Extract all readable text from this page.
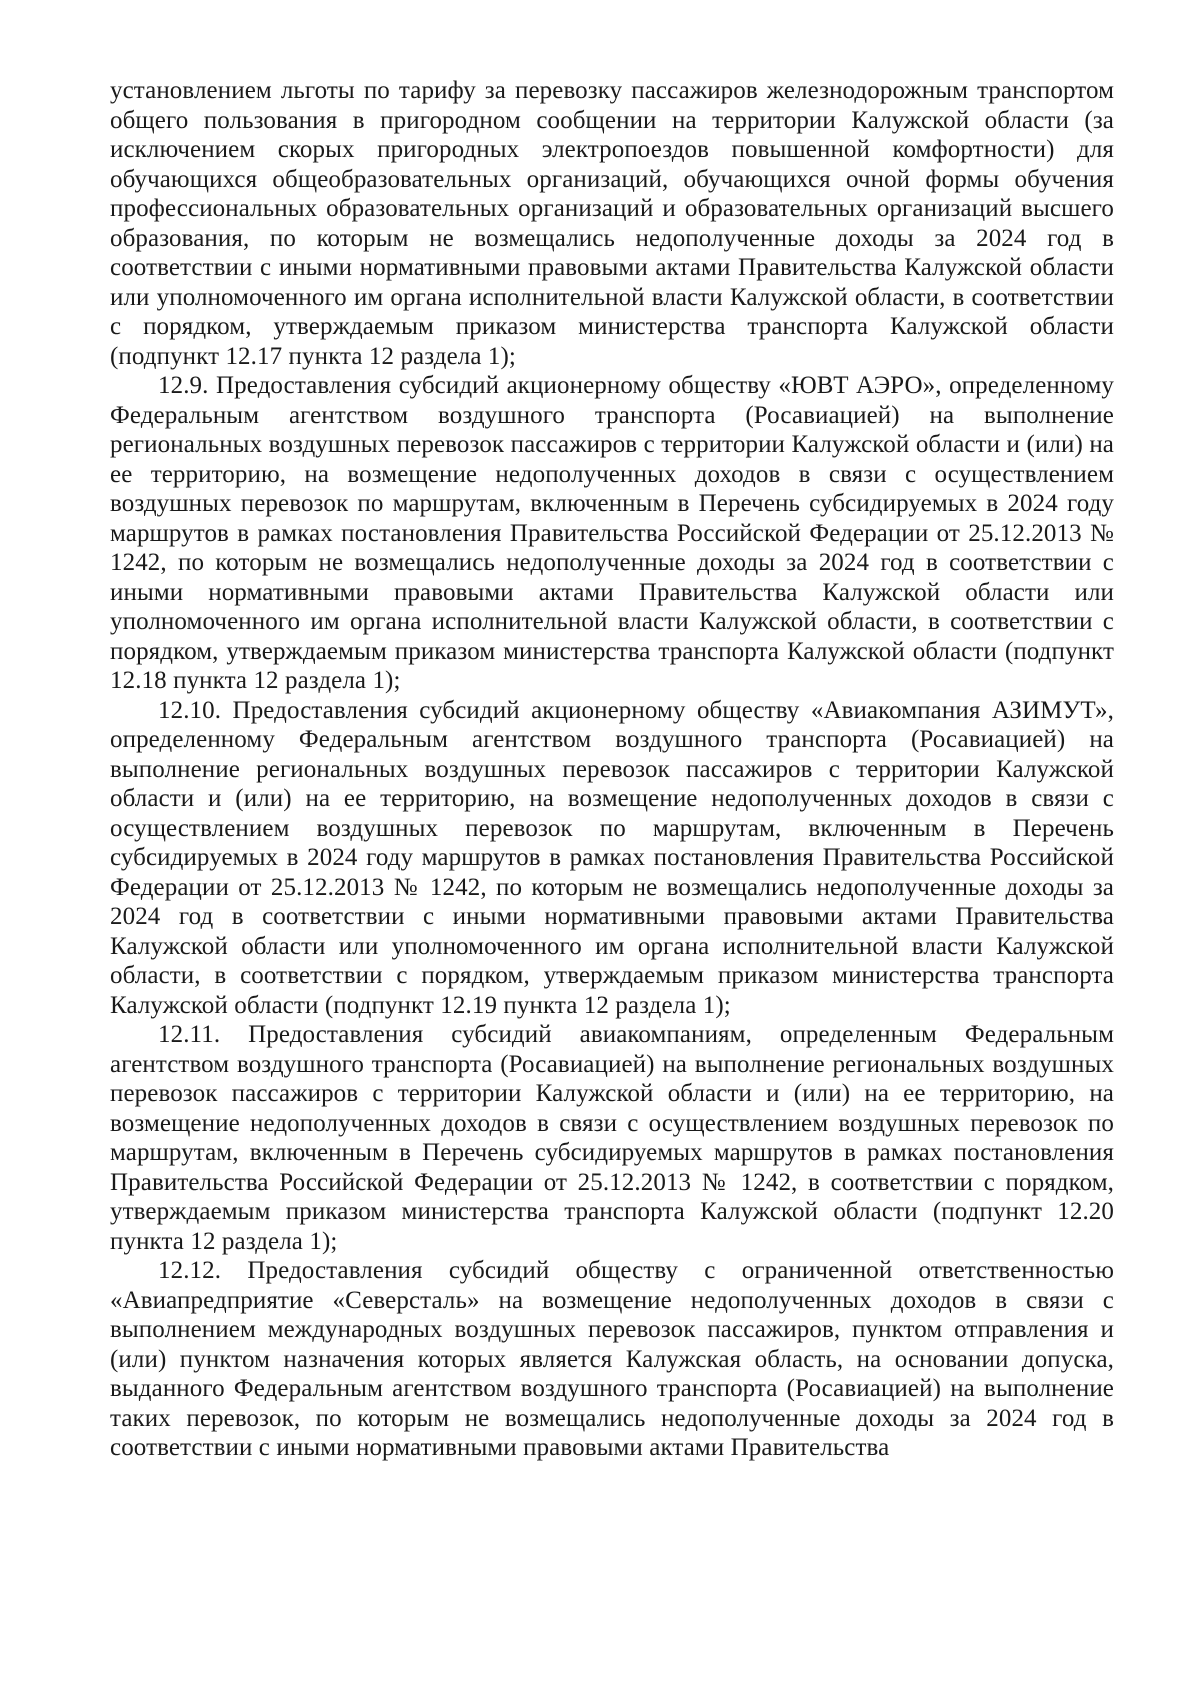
установлением льготы по тарифу за перевозку пассажиров железнодорожным транспортом общего пользования в пригородном сообщении на территории Калужской области (за исключением скорых пригородных электропоездов повышенной комфортности) для обучающихся общеобразовательных организаций, обучающихся очной формы обучения профессиональных образовательных организаций и образовательных организаций высшего образования, по которым не возмещались недополученные доходы за 2024 год в соответствии с иными нормативными правовыми актами Правительства Калужской области или уполномоченного им органа исполнительной власти Калужской области, в соответствии с порядком, утверждаемым приказом министерства транспорта Калужской области (подпункт 12.17 пункта 12 раздела 1);

12.9. Предоставления субсидий акционерному обществу «ЮВТ АЭРО», определенному Федеральным агентством воздушного транспорта (Росавиацией) на выполнение региональных воздушных перевозок пассажиров с территории Калужской области и (или) на ее территорию, на возмещение недополученных доходов в связи с осуществлением воздушных перевозок по маршрутам, включенным в Перечень субсидируемых в 2024 году маршрутов в рамках постановления Правительства Российской Федерации от 25.12.2013 № 1242, по которым не возмещались недополученные доходы за 2024 год в соответствии с иными нормативными правовыми актами Правительства Калужской области или уполномоченного им органа исполнительной власти Калужской области, в соответствии с порядком, утверждаемым приказом министерства транспорта Калужской области (подпункт 12.18 пункта 12 раздела 1);

12.10. Предоставления субсидий акционерному обществу «Авиакомпания АЗИМУТ», определенному Федеральным агентством воздушного транспорта (Росавиацией) на выполнение региональных воздушных перевозок пассажиров с территории Калужской области и (или) на ее территорию, на возмещение недополученных доходов в связи с осуществлением воздушных перевозок по маршрутам, включенным в Перечень субсидируемых в 2024 году маршрутов в рамках постановления Правительства Российской Федерации от 25.12.2013 № 1242, по которым не возмещались недополученные доходы за 2024 год в соответствии с иными нормативными правовыми актами Правительства Калужской области или уполномоченного им органа исполнительной власти Калужской области, в соответствии с порядком, утверждаемым приказом министерства транспорта Калужской области (подпункт 12.19 пункта 12 раздела 1);

12.11. Предоставления субсидий авиакомпаниям, определенным Федеральным агентством воздушного транспорта (Росавиацией) на выполнение региональных воздушных перевозок пассажиров с территории Калужской области и (или) на ее территорию, на возмещение недополученных доходов в связи с осуществлением воздушных перевозок по маршрутам, включенным в Перечень субсидируемых маршрутов в рамках постановления Правительства Российской Федерации от 25.12.2013 № 1242, в соответствии с порядком, утверждаемым приказом министерства транспорта Калужской области (подпункт 12.20 пункта 12 раздела 1);

12.12. Предоставления субсидий обществу с ограниченной ответственностью «Авиапредприятие «Северсталь» на возмещение недополученных доходов в связи с выполнением международных воздушных перевозок пассажиров, пунктом отправления и (или) пунктом назначения которых является Калужская область, на основании допуска, выданного Федеральным агентством воздушного транспорта (Росавиацией) на выполнение таких перевозок, по которым не возмещались недополученные доходы за 2024 год в соответствии с иными нормативными правовыми актами Правительства
